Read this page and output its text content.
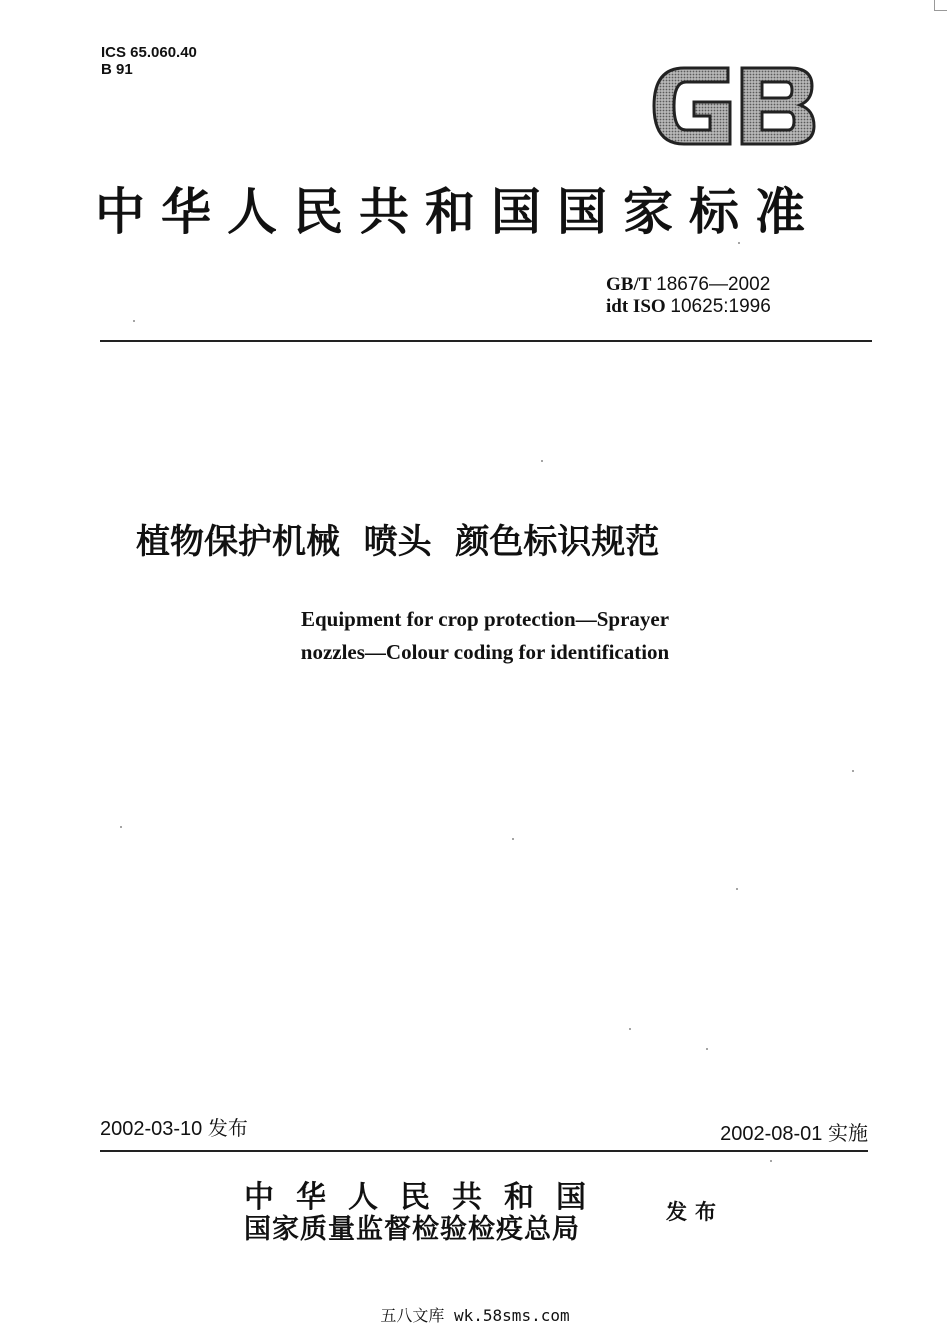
ICS 65.060.40
B 91
中华人民共和国国家标准
GB/T 18676—2002
idt ISO 10625:1996
植物保护机械  喷头  颜色标识规范
Equipment for crop protection—Sprayer
nozzles—Colour coding for identification
2002-03-10 发布	2002-08-01 实施
中华人民共和国
国家质量监督检验检疫总局
发布
五八文库 wk.58sms.com
